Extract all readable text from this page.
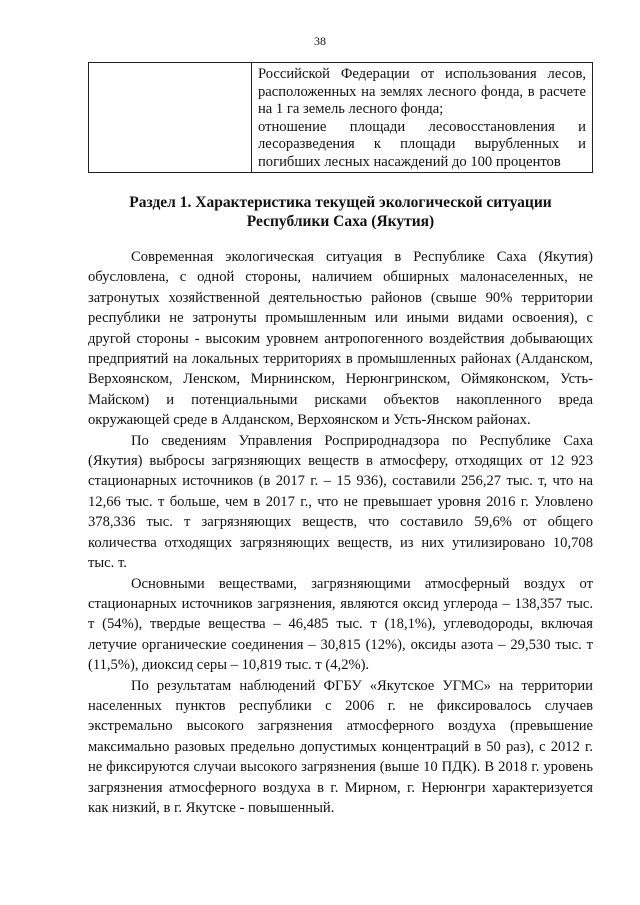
38

Российской Федерации от использования лесов, расположенных на землях лесного фонда, в расчете на 1 га земель лесного фонда;
отношение площади лесовосстановления и лесоразведения к площади вырубленных и погибших лесных насаждений до 100 процентов
Раздел 1. Характеристика текущей экологической ситуации Республики Саха (Якутия)

Современная экологическая ситуация в Республике Саха (Якутия) обусловлена, с одной стороны, наличием обширных малонаселенных, не затронутых хозяйственной деятельностью районов (свыше 90% территории республики не затронуты промышленным или иными видами освоения), с другой стороны - высоким уровнем антропогенного воздействия добывающих предприятий на локальных территориях в промышленных районах (Алданском, Верхоянском, Ленском, Мирнинском, Нерюнгринском, Оймяконском, Усть-Майском) и потенциальными рисками объектов накопленного вреда окружающей среде в Алданском, Верхоянском и Усть-Янском районах.

По сведениям Управления Росприроднадзора по Республике Саха (Якутия) выбросы загрязняющих веществ в атмосферу, отходящих от 12 923 стационарных источников (в 2017 г. – 15 936), составили 256,27 тыс. т, что на 12,66 тыс. т больше, чем в 2017 г., что не превышает уровня 2016 г. Уловлено 378,336 тыс. т загрязняющих веществ, что составило 59,6% от общего количества отходящих загрязняющих веществ, из них утилизировано 10,708 тыс. т.

Основными веществами, загрязняющими атмосферный воздух от стационарных источников загрязнения, являются оксид углерода – 138,357 тыс. т (54%), твердые вещества – 46,485 тыс. т (18,1%), углеводороды, включая летучие органические соединения – 30,815 (12%), оксиды азота – 29,530 тыс. т (11,5%), диоксид серы – 10,819 тыс. т (4,2%).

По результатам наблюдений ФГБУ «Якутское УГМС» на территории населенных пунктов республики с 2006 г. не фиксировалось случаев экстремально высокого загрязнения атмосферного воздуха (превышение максимально разовых предельно допустимых концентраций в 50 раз), с 2012 г. не фиксируются случаи высокого загрязнения (выше 10 ПДК). В 2018 г. уровень загрязнения атмосферного воздуха в г. Мирном, г. Нерюнгри характеризуется как низкий, в г. Якутске - повышенный.
